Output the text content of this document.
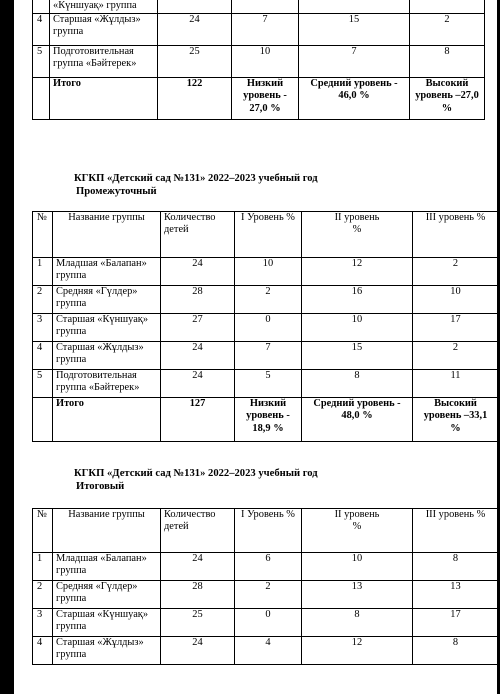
	«Күншуақ» группа				
4	Старшая «Жұлдыз» группа	24	7	15	2
5	Подготовительная группа «Бәйтерек»	25	10	7	8
	Итого	122	Низкий уровень - 27,0 %	Средний уровень - 46,0 %	Высокий уровень –27,0 %
КГКП «Детский сад №131» 2022–2023 учебный год
Промежуточный
№	Название группы	Количество детей	I Уровень %	II уровень %	III уровень %
1	Младшая «Балапан» группа	24	10	12	2
2	Средняя «Гүлдер» группа	28	2	16	10
3	Старшая «Күншуақ» группа	27	0	10	17
4	Старшая «Жұлдыз» группа	24	7	15	2
5	Подготовительная группа «Бәйтерек»	24	5	8	11
	Итого	127	Низкий уровень - 18,9 %	Средний уровень - 48,0 %	Высокий уровень –33,1 %
КГКП «Детский сад №131» 2022–2023 учебный год
Итоговый
№	Название группы	Количество детей	I Уровень %	II уровень %	III уровень %
1	Младшая «Балапан» группа	24	6	10	8
2	Средняя «Гүлдер» группа	28	2	13	13
3	Старшая «Күншуақ» группа	25	0	8	17
4	Старшая «Жұлдыз» группа	24	4	12	8
